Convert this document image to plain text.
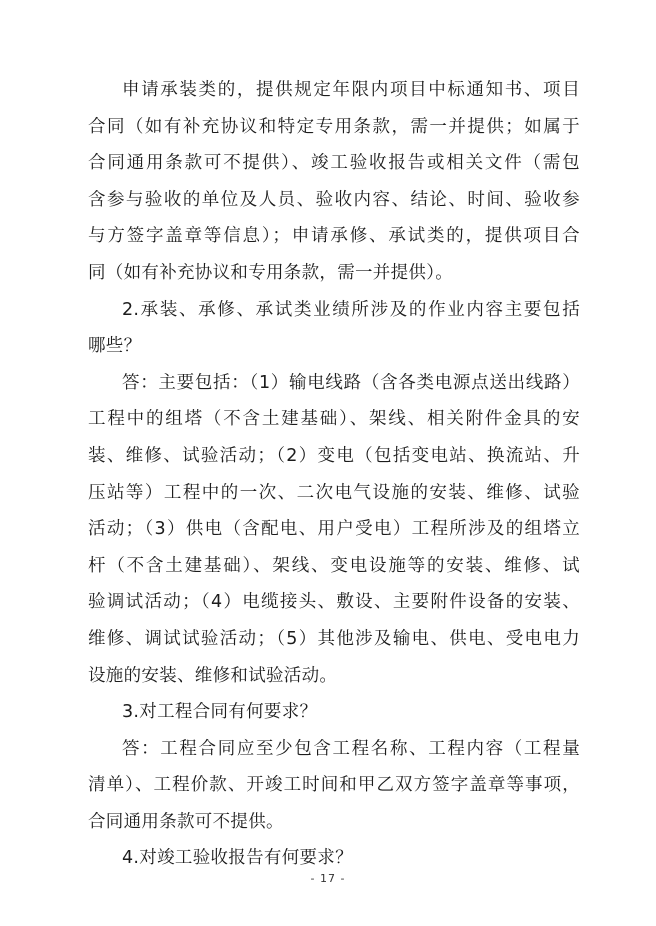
申请承装类的，提供规定年限内项目中标通知书、项目
合同（如有补充协议和特定专用条款，需一并提供；如属于
合同通用条款可不提供）、竣工验收报告或相关文件（需包
含参与验收的单位及人员、验收内容、结论、时间、验收参
与方签字盖章等信息）；申请承修、承试类的，提供项目合
同（如有补充协议和专用条款，需一并提供）。
2.承装、承修、承试类业绩所涉及的作业内容主要包括
哪些？
答：主要包括：（1）输电线路（含各类电源点送出线路）
工程中的组塔（不含土建基础）、架线、相关附件金具的安
装、维修、试验活动；（2）变电（包括变电站、换流站、升
压站等）工程中的一次、二次电气设施的安装、维修、试验
活动；（3）供电（含配电、用户受电）工程所涉及的组塔立
杆（不含土建基础）、架线、变电设施等的安装、维修、试
验调试活动；（4）电缆接头、敷设、主要附件设备的安装、
维修、调试试验活动；（5）其他涉及输电、供电、受电电力
设施的安装、维修和试验活动。
3.对工程合同有何要求？
答：工程合同应至少包含工程名称、工程内容（工程量
清单）、工程价款、开竣工时间和甲乙双方签字盖章等事项，
合同通用条款可不提供。
4.对竣工验收报告有何要求？
- 17 -
